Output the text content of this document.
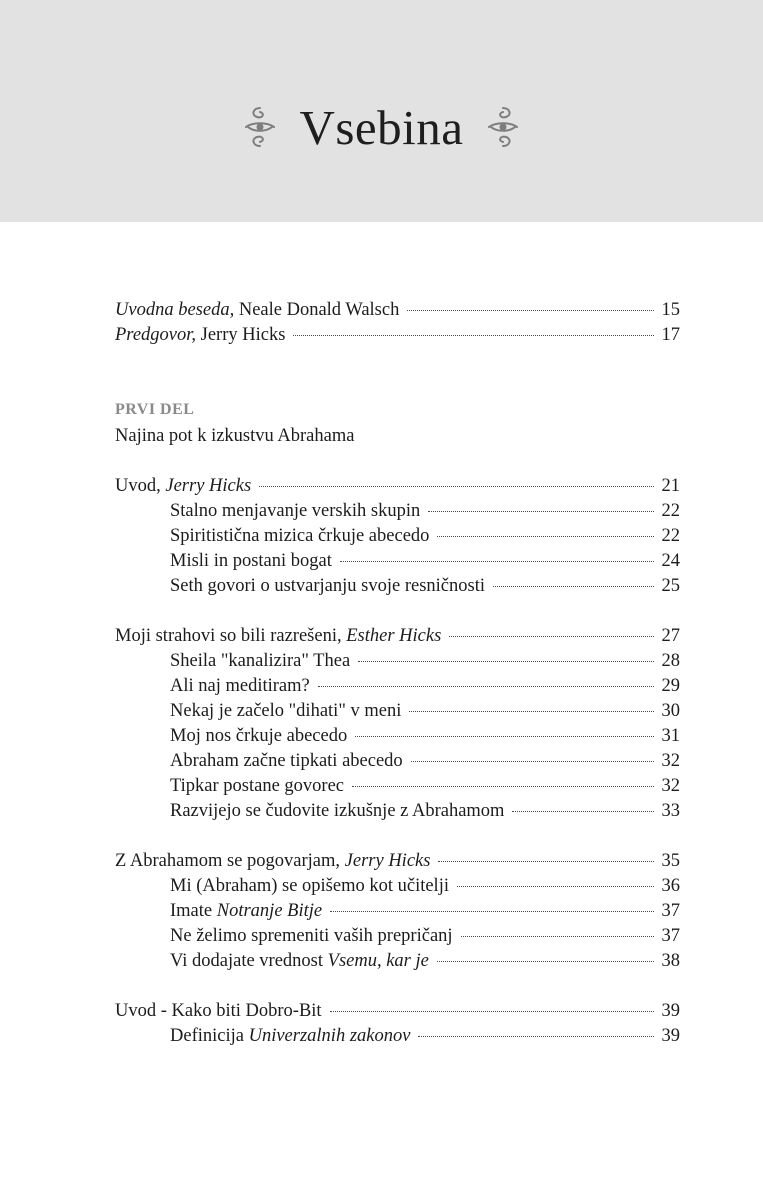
Vsebina
Uvodna beseda, Neale Donald Walsch	15
Predgovor, Jerry Hicks	17
PRVI DEL
Najina pot k izkustvu Abrahama
Uvod, Jerry Hicks	21
Stalno menjavanje verskih skupin	22
Spiritistična mizica črkuje abecedo	22
Misli in postani bogat	24
Seth govori o ustvarjanju svoje resničnosti	25
Moji strahovi so bili razrešeni, Esther Hicks	27
Sheila "kanalizira" Thea	28
Ali naj meditiram?	29
Nekaj je začelo "dihati" v meni	30
Moj nos črkuje abecedo	31
Abraham začne tipkati abecedo	32
Tipkar postane govorec	32
Razvijejo se čudovite izkušnje z Abrahamom	33
Z Abrahamom se pogovarjam, Jerry Hicks	35
Mi (Abraham) se opišemo kot učitelji	36
Imate Notranje Bitje	37
Ne želimo spremeniti vaših prepričanj	37
Vi dodajate vrednost Vsemu, kar je	38
Uvod - Kako biti Dobro-Bit	39
Definicija Univerzalnih zakonov	39
